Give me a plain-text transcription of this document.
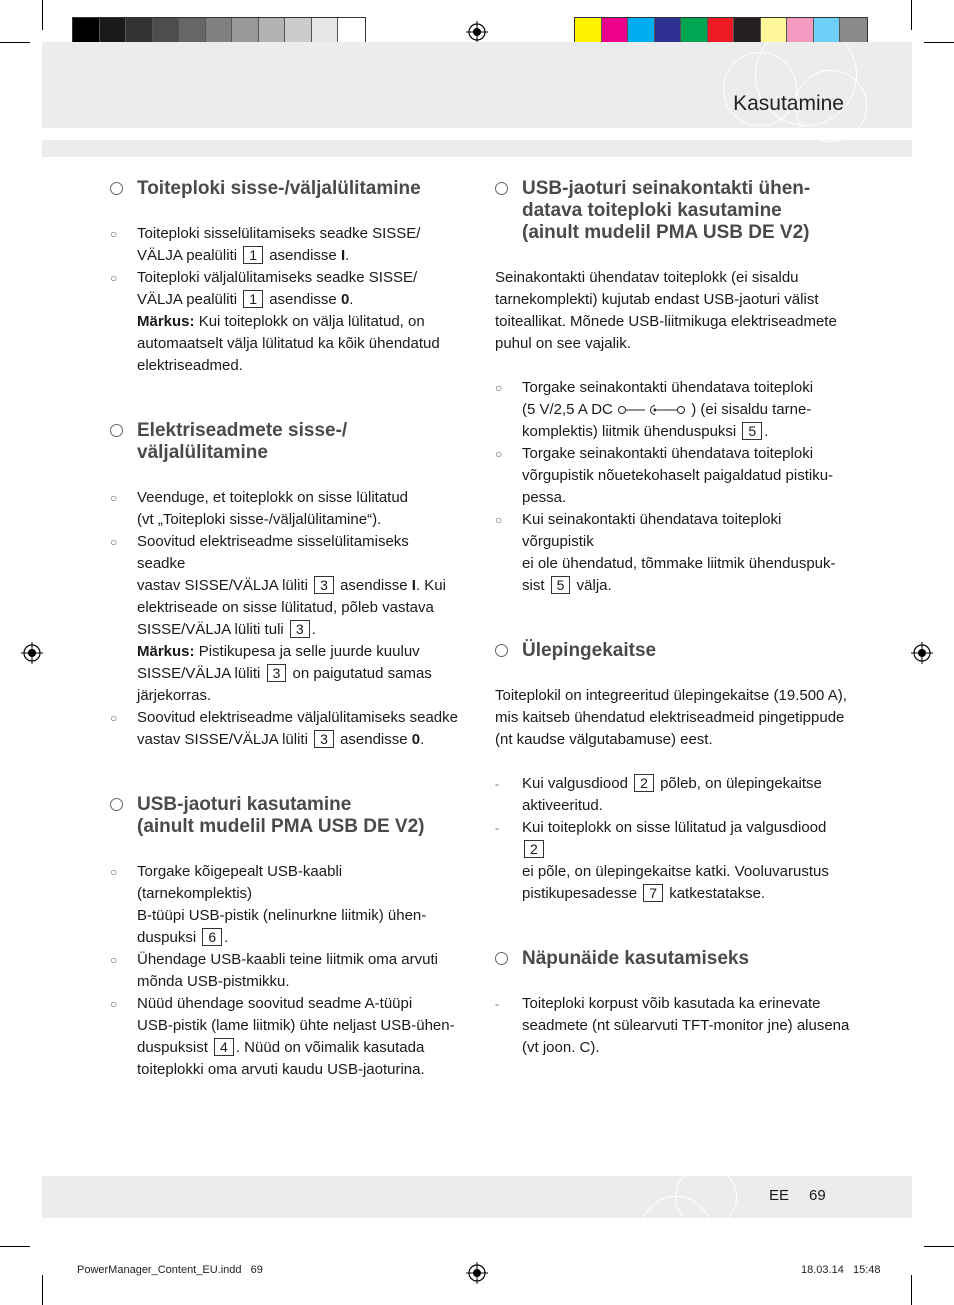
Kasutamine
Toiteploki sisse-/väljalülitamine
○ Toiteploki sisselülitamiseks seadke SISSE/
VÄLJA pealüliti 1 asendisse I.
○ Toiteploki väljalülitamiseks seadke SISSE/
VÄLJA pealüliti 1 asendisse 0.
Märkus: Kui toiteplokk on välja lülitatud, on
automaatselt välja lülitatud ka kõik ühendatud
elektriseadmed.
Elektriseadmete sisse-/
väljalülitamine
○ Veenduge, et toiteplokk on sisse lülitatud
(vt „Toiteploki sisse-/väljalülitamine“).
○ Soovitud elektriseadme sisselülitamiseks seadke
vastav SISSE/VÄLJA lüliti 3 asendisse I. Kui
elektriseade on sisse lülitatud, põleb vastava
SISSE/VÄLJA lüliti tuli 3 .
Märkus: Pistikupesa ja selle juurde kuuluv
SISSE/VÄLJA lüliti 3 on paigutatud samas
järjekorras.
○ Soovitud elektriseadme väljalülitamiseks seadke
vastav SISSE/VÄLJA lüliti 3 asendisse 0.
USB-jaoturi kasutamine
(ainult mudelil PMA USB DE V2)
○ Torgake kõigepealt USB-kaabli (tarnekomplektis)
B-tüüpi USB-pistik (nelinurkne liitmik) ühen-
duspuksi 6 .
○ Ühendage USB-kaabli teine liitmik oma arvuti
mõnda USB-pistmikku.
○ Nüüd ühendage soovitud seadme A-tüüpi
USB-pistik (lame liitmik) ühte neljast USB-ühen-
duspuksist 4 . Nüüd on võimalik kasutada
toiteplokki oma arvuti kaudu USB-jaoturina.
USB-jaoturi seinakontakti ühen-
datava toiteploki kasutamine
(ainult mudelil PMA USB DE V2)

Seinakontakti ühendatav toiteplokk (ei sisaldu
tarnekomplekti) kujutab endast USB-jaoturi välist
toiteallikat. Mõnede USB-liitmikuga elektriseadmete
puhul on see vajalik.

○ Torgake seinakontakti ühendatava toiteploki
(5 V/2,5 A DC	) (ei sisaldu tarne-
komplektis) liitmik ühenduspuksi 5 .
○ Torgake seinakontakti ühendatava toiteploki
võrgupistik nõuetekohaselt paigaldatud pistiku-
pessa.
○ Kui seinakontakti ühendatava toiteploki võrgupistik
ei ole ühendatud, tõmmake liitmik ühenduspuk-
sist 5 välja.
Ülepingekaitse

Toiteplokil on integreeritud ülepingekaitse (19.500 A),
mis kaitseb ühendatud elektriseadmeid pingetippude
(nt kaudse välgutabamuse) eest.

-	Kui valgusdiood 2 põleb, on ülepingekaitse
aktiveeritud.
-	Kui toiteplokk on sisse lülitatud ja valgusdiood 2
ei põle, on ülepingekaitse katki. Vooluvarustus
pistikupesadesse 7 katkestatakse.
Näpunäide kasutamiseks
-	Toiteploki korpust võib kasutada ka erinevate
seadmete (nt sülearvuti TFT-monitor jne) alusena
(vt joon. C).
EE 69
PowerManager_Content_EU.indd   69	18.03.14   15:48
